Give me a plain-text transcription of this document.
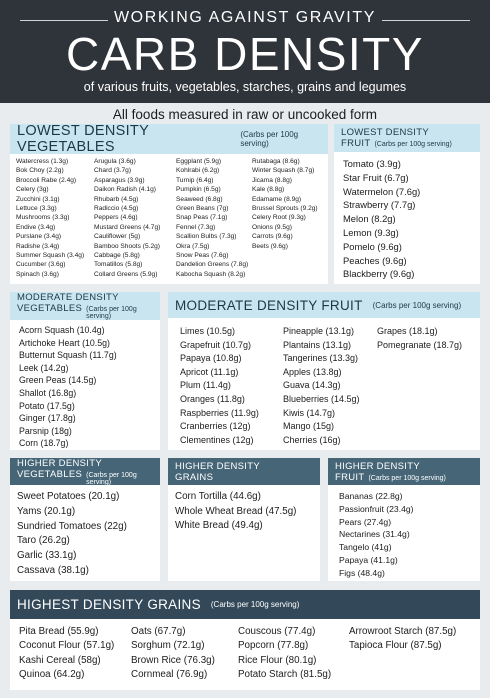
WORKING AGAINST GRAVITY
CARB DENSITY
of various fruits, vegetables, starches, grains and legumes
All foods measured in raw or uncooked form
LOWEST DENSITY VEGETABLES
(Carbs per 100g serving)
Watercress (1.3g)
Bok Choy (2.2g)
Broccoli Rabe (2.4g)
Celery (3g)
Zucchini (3.1g)
Lettuce (3.3g)
Mushrooms (3.3g)
Endive (3.4g)
Purslane (3.4g)
Radishe (3.4g)
Summer Squash (3.4g)
Cucumber (3.6g)
Spinach (3.6g)
Arugula (3.6g)
Chard (3.7g)
Asparagus (3.9g)
Daikon Radish (4.1g)
Rhubarb (4.5g)
Radiccio (4.5g)
Peppers (4.6g)
Mustard Greens (4.7g)
Cauliflower (5g)
Bamboo Shoots (5.2g)
Cabbage (5.8g)
Tomatillos (5.8g)
Collard Greens (5.9g)
Eggplant (5.9g)
Kohlrabi (6.2g)
Turnip (6.4g)
Pumpkin (6.5g)
Seaweed (6.8g)
Green Beans (7g)
Snap Peas (7.1g)
Fennel (7.3g)
Scallion Bulbs (7.3g)
Okra (7.5g)
Snow Peas (7.6g)
Dandelion Greens (7.8g)
Kabocha Squash (8.2g)
Rutabaga (8.6g)
Winter Squash (8.7g)
Jicama (8.8g)
Kale (8.8g)
Edamame (8.9g)
Brussel Sprouts (9.2g)
Celery Root (9.3g)
Onions (9.5g)
Carrots (9.6g)
Beets (9.6g)
LOWEST DENSITY
FRUIT (Carbs per 100g serving)
Tomato (3.9g)
Star Fruit (6.7g)
Watermelon (7.6g)
Strawberry (7.7g)
Melon (8.2g)
Lemon (9.3g)
Pomelo (9.6g)
Peaches (9.6g)
Blackberry (9.6g)
MODERATE DENSITY
VEGETABLES (Carbs per 100g serving)
Acorn Squash (10.4g)
Artichoke Heart (10.5g)
Butternut Squash (11.7g)
Leek (14.2g)
Green Peas (14.5g)
Shallot (16.8g)
Potato (17.5g)
Ginger (17.8g)
Parsnip (18g)
Corn (18.7g)
MODERATE DENSITY FRUIT (Carbs per 100g serving)
Limes (10.5g)
Grapefruit (10.7g)
Papaya (10.8g)
Apricot (11.1g)
Plum (11.4g)
Oranges (11.8g)
Raspberries (11.9g)
Cranberries (12g)
Clementines (12g)
Pineapple (13.1g)
Plantains (13.1g)
Tangerines (13.3g)
Apples (13.8g)
Guava (14.3g)
Blueberries (14.5g)
Kiwis (14.7g)
Mango (15g)
Cherries (16g)
Grapes (18.1g)
Pomegranate (18.7g)
HIGHER DENSITY
VEGETABLES (Carbs per 100g serving)
Sweet Potatoes (20.1g)
Yams (20.1g)
Sundried Tomatoes (22g)
Taro (26.2g)
Garlic (33.1g)
Cassava (38.1g)
HIGHER DENSITY
GRAINS
Corn Tortilla (44.6g)
Whole Wheat Bread (47.5g)
White Bread (49.4g)
HIGHER DENSITY
FRUIT (Carbs per 100g serving)
Bananas (22.8g)
Passionfruit (23.4g)
Pears (27.4g)
Nectarines (31.4g)
Tangelo (41g)
Papaya (41.1g)
Figs (48.4g)
HIGHEST DENSITY GRAINS (Carbs per 100g serving)
Pita Bread (55.9g)
Coconut Flour (57.1g)
Kashi Cereal (58g)
Quinoa (64.2g)
Oats (67.7g)
Sorghum (72.1g)
Brown Rice (76.3g)
Cornmeal (76.9g)
Couscous (77.4g)
Popcorn (77.8g)
Rice Flour (80.1g)
Potato Starch (81.5g)
Arrowroot Starch (87.5g)
Tapioca Flour (87.5g)
